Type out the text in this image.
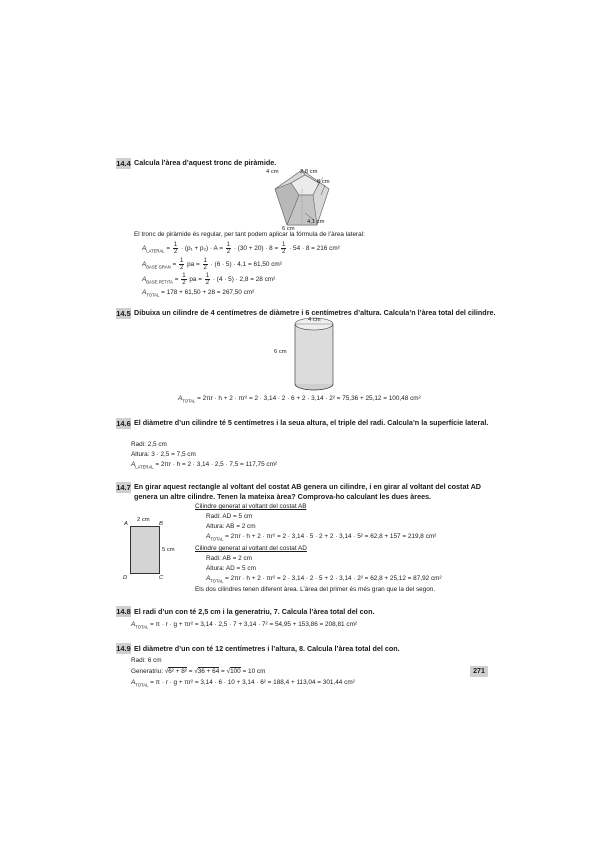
14.4 Calcula l’àrea d’aquest tronc de piràmide.
4 cm	2,8 cm
8 cm
4,1 cm
6 cm
El tronc de piràmide és regular, per tant podem aplicar la fórmula de l’àrea lateral:
$A_{LATERAL} = \frac{1}{2} \cdot (p_1 + p_2) \cdot A = \frac{1}{2} \cdot (30 + 20) \cdot 8 = \frac{1}{2} \cdot 54 \cdot 8 = 216$ cm²
$A_{BASE GRAN} = \frac{1}{2}$ pa = $\frac{1}{2} \cdot (6 \cdot 5) \cdot 4,1 = 61,50$ cm²
$A_{BASE PETITA} = \frac{1}{2}$ pa = $\frac{1}{2} \cdot (4 \cdot 5) \cdot 2,8 = 28$ cm²
$A_{TOTAL} = 178 + 61,50 + 28 = 267,50$ cm²
14.5 Dibuixa un cilindre de 4 centímetres de diàmetre i 6 centímetres d’altura. Calcula’n l’àrea total del cilindre.
4 cm
6 cm
$A_{TOTAL} = 2\pi r \cdot h + 2 \cdot \pi r^2 = 2 \cdot 3,14 \cdot 2 \cdot 6 + 2 \cdot 3,14 \cdot 2^2 = 75,36 + 25,12 = 100,48$ cm²
14.6 El diàmetre d’un cilindre té 5 centímetres i la seua altura, el triple del radi. Calcula’n la superfície lateral.
Radi: 2,5 cm
Altura: 3 · 2,5 = 7,5 cm
$A_{LATERAL} = 2\pi r \cdot h = 2 \cdot 3,14 \cdot 2,5 \cdot 7,5 = 117,75$ cm²
14.7 En girar aquest rectangle al voltant del costat AB genera un cilindre, i en girar al voltant del costat AD genera un altre cilindre. Tenen la mateixa àrea? Comprova-ho calculant les dues àrees.
A	B
C
D
2 cm
5 cm
Cilindre generat al voltant del costat AB
Radi: AD = 5 cm
Altura: AB = 2 cm
$A_{TOTAL} = 2\pi r \cdot h + 2 \cdot \pi r^2 = 2 \cdot 3,14 \cdot 5 \cdot 2 + 2 \cdot 3,14 \cdot 5^2 = 62,8 + 157 = 219,8$ cm²
Cilindre generat al voltant del costat AD
Radi: AB = 2 cm
Altura: AD = 5 cm
$A_{TOTAL} = 2\pi r \cdot h + 2 \cdot \pi r^2 = 2 \cdot 3,14 \cdot 2 \cdot 5 + 2 \cdot 3,14 \cdot 2^2 = 62,8 + 25,12 = 87,92$ cm²
Els dos cilindres tenen diferent àrea. L’àrea del primer és més gran que la del segon.
14.8 El radi d’un con té 2,5 cm i la generatriu, 7. Calcula l’àrea total del con.
$A_{TOTAL} = \pi \cdot r \cdot g + \pi r^2 = 3,14 \cdot 2,5 \cdot 7 + 3,14 \cdot 7^2 = 54,95 + 153,86 = 208,81$ cm²
14.9 El diàmetre d’un con té 12 centímetres i l’altura, 8. Calcula l’àrea total del con.
Radi: 6 cm
Generatriu: √6² + 8² = √36 + 64 = √100 = 10 cm
$A_{TOTAL} = \pi \cdot r \cdot g + \pi r^2 = 3,14 \cdot 6 \cdot 10 + 3,14 \cdot 6^2 = 188,4 + 113,04 = 301,44$ cm²
271
